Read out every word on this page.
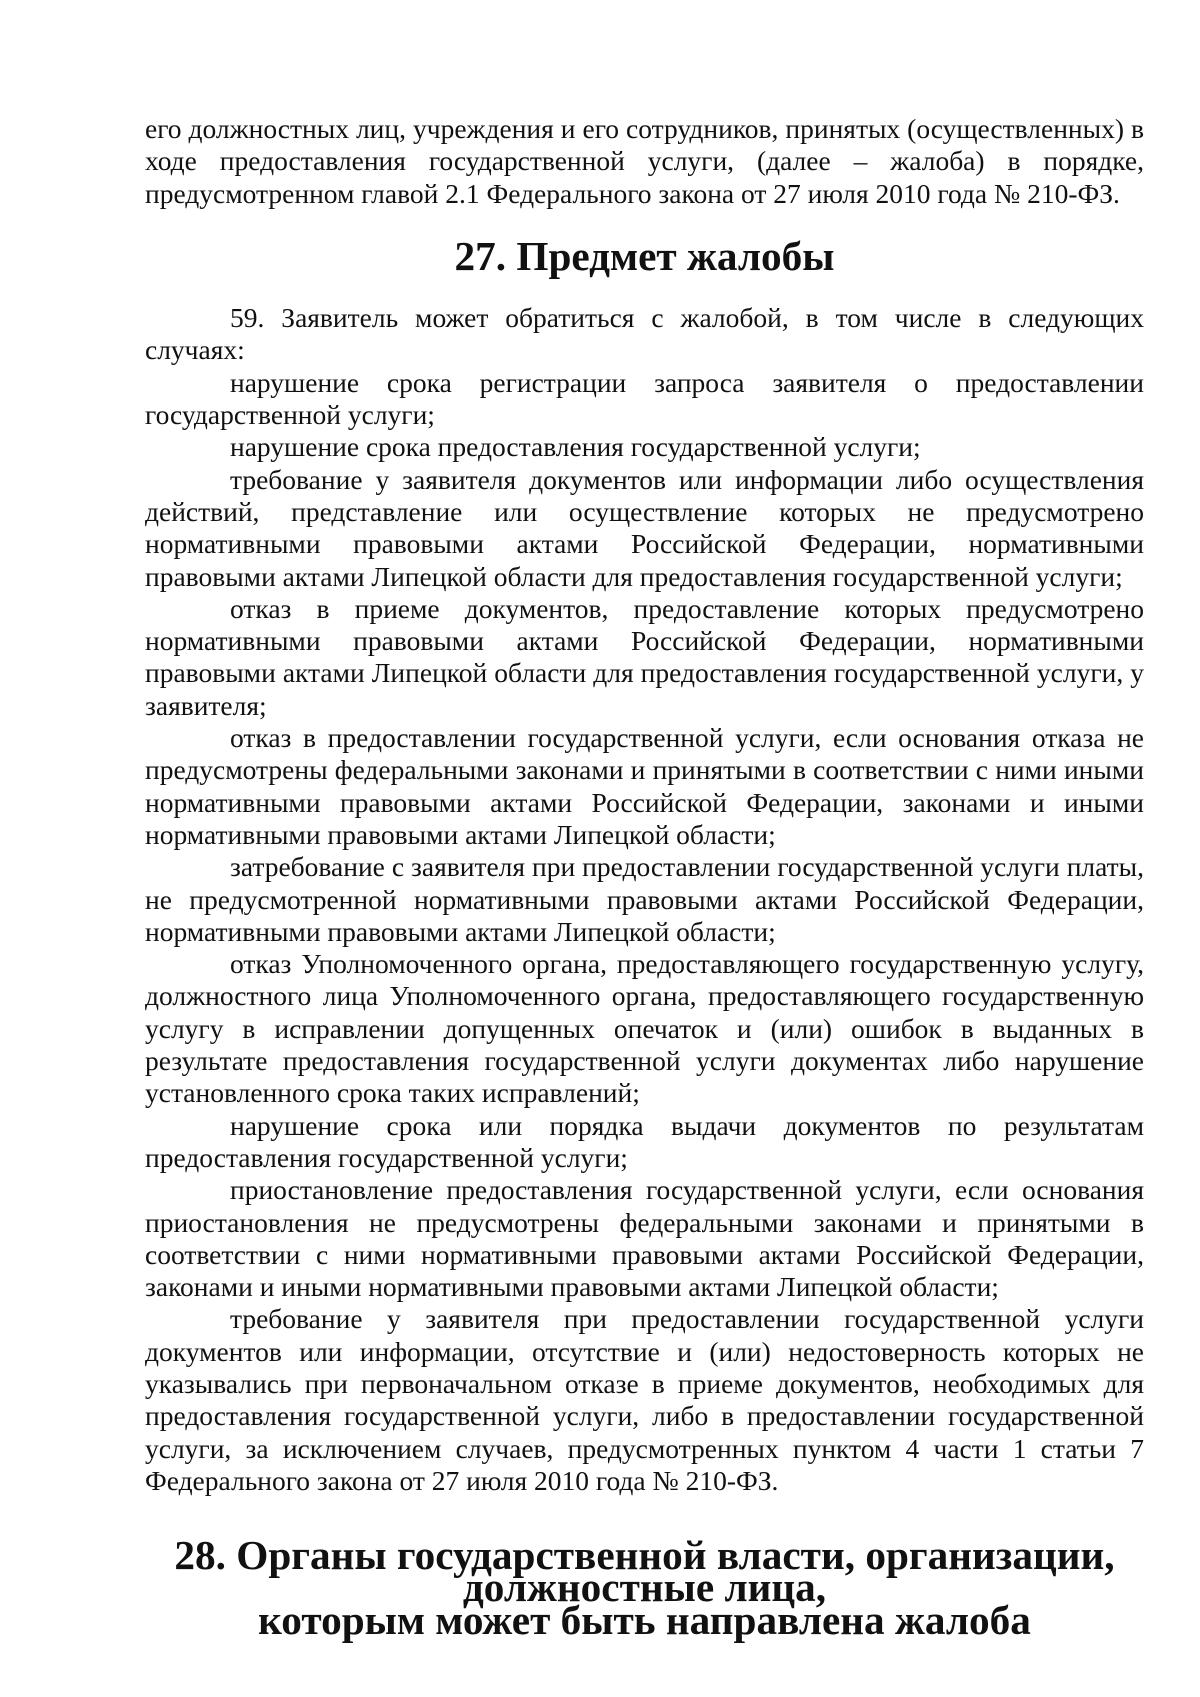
его должностных лиц, учреждения и его сотрудников, принятых (осуществленных) в ходе предоставления государственной услуги, (далее – жалоба) в порядке, предусмотренном главой 2.1 Федерального закона от 27 июля 2010 года № 210-ФЗ.

27. Предмет жалобы

59. Заявитель может обратиться с жалобой, в том числе в следующих случаях:

нарушение срока регистрации запроса заявителя о предоставлении государственной услуги;

нарушение срока предоставления государственной услуги;

требование у заявителя документов или информации либо осуществления действий, представление или осуществление которых не предусмотрено нормативными правовыми актами Российской Федерации, нормативными правовыми актами Липецкой области для предоставления государственной услуги;

отказ в приеме документов, предоставление которых предусмотрено нормативными правовыми актами Российской Федерации, нормативными правовыми актами Липецкой области для предоставления государственной услуги, у заявителя;

отказ в предоставлении государственной услуги, если основания отказа не предусмотрены федеральными законами и принятыми в соответствии с ними иными нормативными правовыми актами Российской Федерации, законами и иными нормативными правовыми актами Липецкой области;

затребование с заявителя при предоставлении государственной услуги платы, не предусмотренной нормативными правовыми актами Российской Федерации, нормативными правовыми актами Липецкой области;

отказ Уполномоченного органа, предоставляющего государственную услугу, должностного лица Уполномоченного органа, предоставляющего государственную услугу в исправлении допущенных опечаток и (или) ошибок в выданных в результате предоставления государственной услуги документах либо нарушение установленного срока таких исправлений;

нарушение срока или порядка выдачи документов по результатам предоставления государственной услуги;

приостановление предоставления государственной услуги, если основания приостановления не предусмотрены федеральными законами и принятыми в соответствии с ними нормативными правовыми актами Российской Федерации, законами и иными нормативными правовыми актами Липецкой области;

требование у заявителя при предоставлении государственной услуги документов или информации, отсутствие и (или) недостоверность которых не указывались при первоначальном отказе в приеме документов, необходимых для предоставления государственной услуги, либо в предоставлении государственной услуги, за исключением случаев, предусмотренных пунктом 4 части 1 статьи 7 Федерального закона от 27 июля 2010 года № 210-ФЗ.

28. Органы государственной власти, организации, должностные лица,
которым может быть направлена жалоба
